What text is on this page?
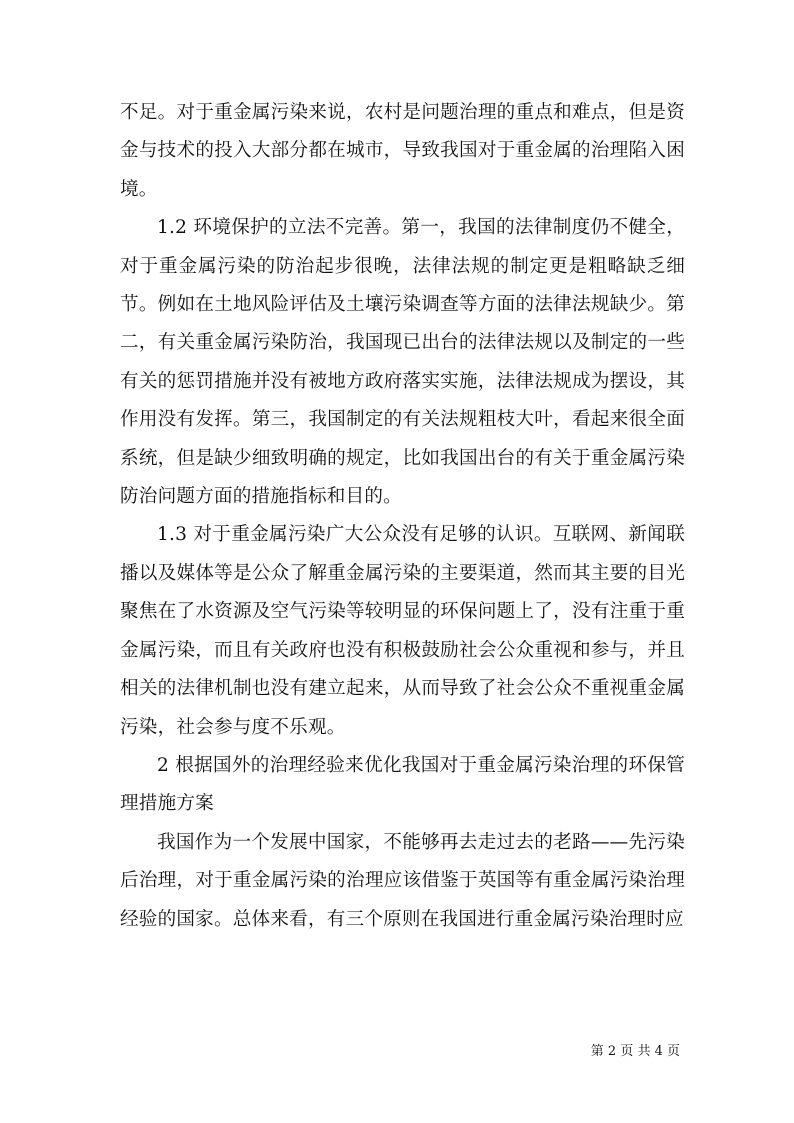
不足。对于重金属污染来说，农村是问题治理的重点和难点，但是资金与技术的投入大部分都在城市，导致我国对于重金属的治理陷入困境。

1.2 环境保护的立法不完善。第一，我国的法律制度仍不健全，对于重金属污染的防治起步很晚，法律法规的制定更是粗略缺乏细节。例如在土地风险评估及土壤污染调查等方面的法律法规缺少。第二，有关重金属污染防治，我国现已出台的法律法规以及制定的一些有关的惩罚措施并没有被地方政府落实实施，法律法规成为摆设，其作用没有发挥。第三，我国制定的有关法规粗枝大叶，看起来很全面系统，但是缺少细致明确的规定，比如我国出台的有关于重金属污染防治问题方面的措施指标和目的。

1.3 对于重金属污染广大公众没有足够的认识。互联网、新闻联播以及媒体等是公众了解重金属污染的主要渠道，然而其主要的目光聚焦在了水资源及空气污染等较明显的环保问题上了，没有注重于重金属污染，而且有关政府也没有积极鼓励社会公众重视和参与，并且相关的法律机制也没有建立起来，从而导致了社会公众不重视重金属污染，社会参与度不乐观。

2 根据国外的治理经验来优化我国对于重金属污染治理的环保管理措施方案

我国作为一个发展中国家，不能够再去走过去的老路——先污染后治理，对于重金属污染的治理应该借鉴于英国等有重金属污染治理经验的国家。总体来看，有三个原则在我国进行重金属污染治理时应

第 2 页 共 4 页
